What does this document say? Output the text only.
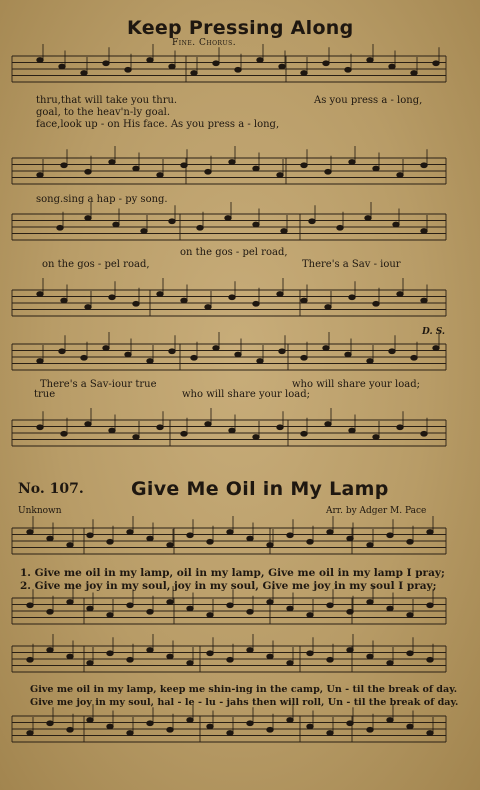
Keep Pressing Along
Fine. Chorus.
thru,that will take you thru.	As you press a - long,
goal, to the heav'n-ly goal.
face,look up - on His face. As you press a - long,
song.sing a hap - py song.
on the gos - pel road,
on the gos - pel road,	There's a Sav - iour
D. S.
There's a Sav-iour true	who will share your load;
true	who will share your load;
No. 107. Give Me Oil in My Lamp
Unknown	Arr. by Adger M. Pace
1. Give me oil in my lamp, oil in my lamp, Give me oil in my lamp I pray;
2. Give me joy in my soul, joy in my soul, Give me joy in my soul I pray;
Give me oil in my lamp, keep me shin-ing in the camp, Un - til the break of day.
Give me joy in my soul, hal - le - lu - jahs then will roll, Un - til the break of day.
